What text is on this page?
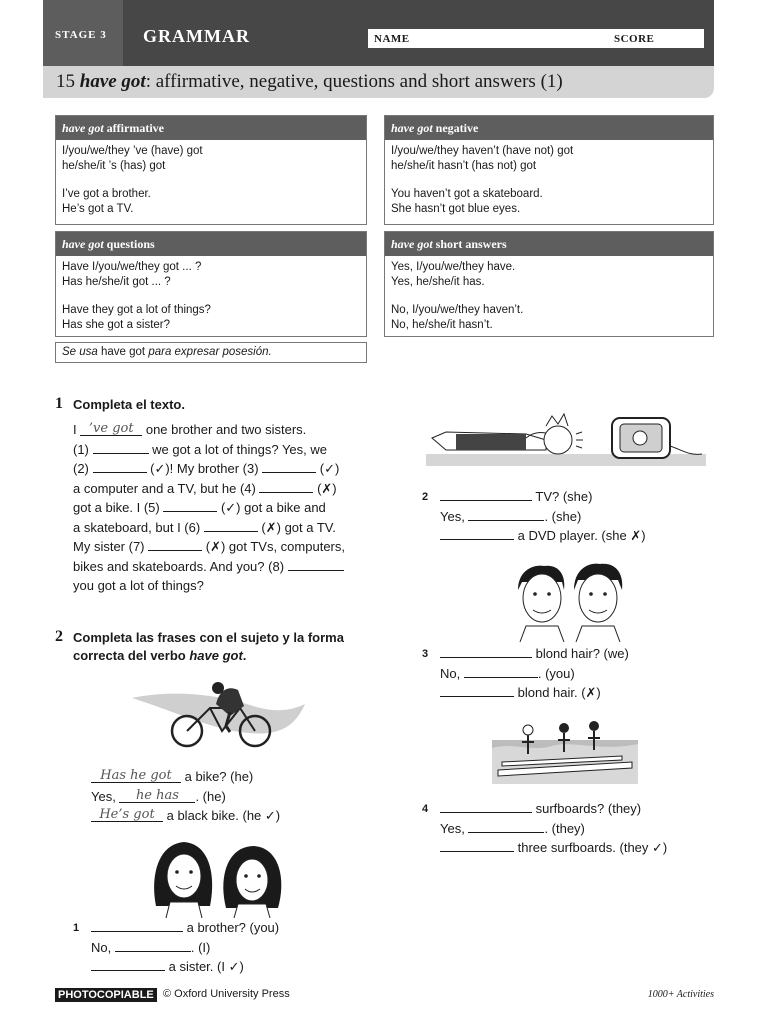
STAGE 3 GRAMMAR	NAME	SCORE
15 have got: affirmative, negative, questions and short answers (1)
have got affirmative
I/you/we/they ’ve (have) got
he/she/it ’s (has) got
I’ve got a brother.
He’s got a TV.
have got negative
I/you/we/they haven’t (have not) got
he/she/it hasn’t (has not) got
You haven’t got a skateboard.
She hasn’t got blue eyes.
have got questions
Have I/you/we/they got ... ?
Has he/she/it got ... ?
Have they got a lot of things?
Has she got a sister?
have got short answers
Yes, I/you/we/they have.
Yes, he/she/it has.
No, I/you/we/they haven’t.
No, he/she/it hasn’t.
Se usa have got para expresar posesión.
1 Completa el texto.
I ’ve got one brother and two sisters.
(1)	we got a lot of things? Yes, we
(2)	(✓)! My brother (3)	(✓)
a computer and a TV, but he (4)	(✗)
got a bike. I (5)	(✓) got a bike and
a skateboard, but I (6)	(✗) got a TV.
My sister (7)	(✗) got TVs, computers,
bikes and skateboards. And you? (8)
you got a lot of things?
2 Completa las frases con el sujeto y la forma
correcta del verbo have got.
Has he got a bike? (he)
Yes, he has . (he)
He’s got a black bike. (he ✓)
1	a brother? (you)
No,	. (I)
a sister. (I ✓)
2	TV? (she)
Yes,	. (she)
a DVD player. (she ✗)
3	blond hair? (we)
No,	. (you)
blond hair. (✗)
4	surfboards? (they)
Yes,	. (they)
three surfboards. (they ✓)
PHOTOCOPIABLE © Oxford University Press	1000+ Activities
